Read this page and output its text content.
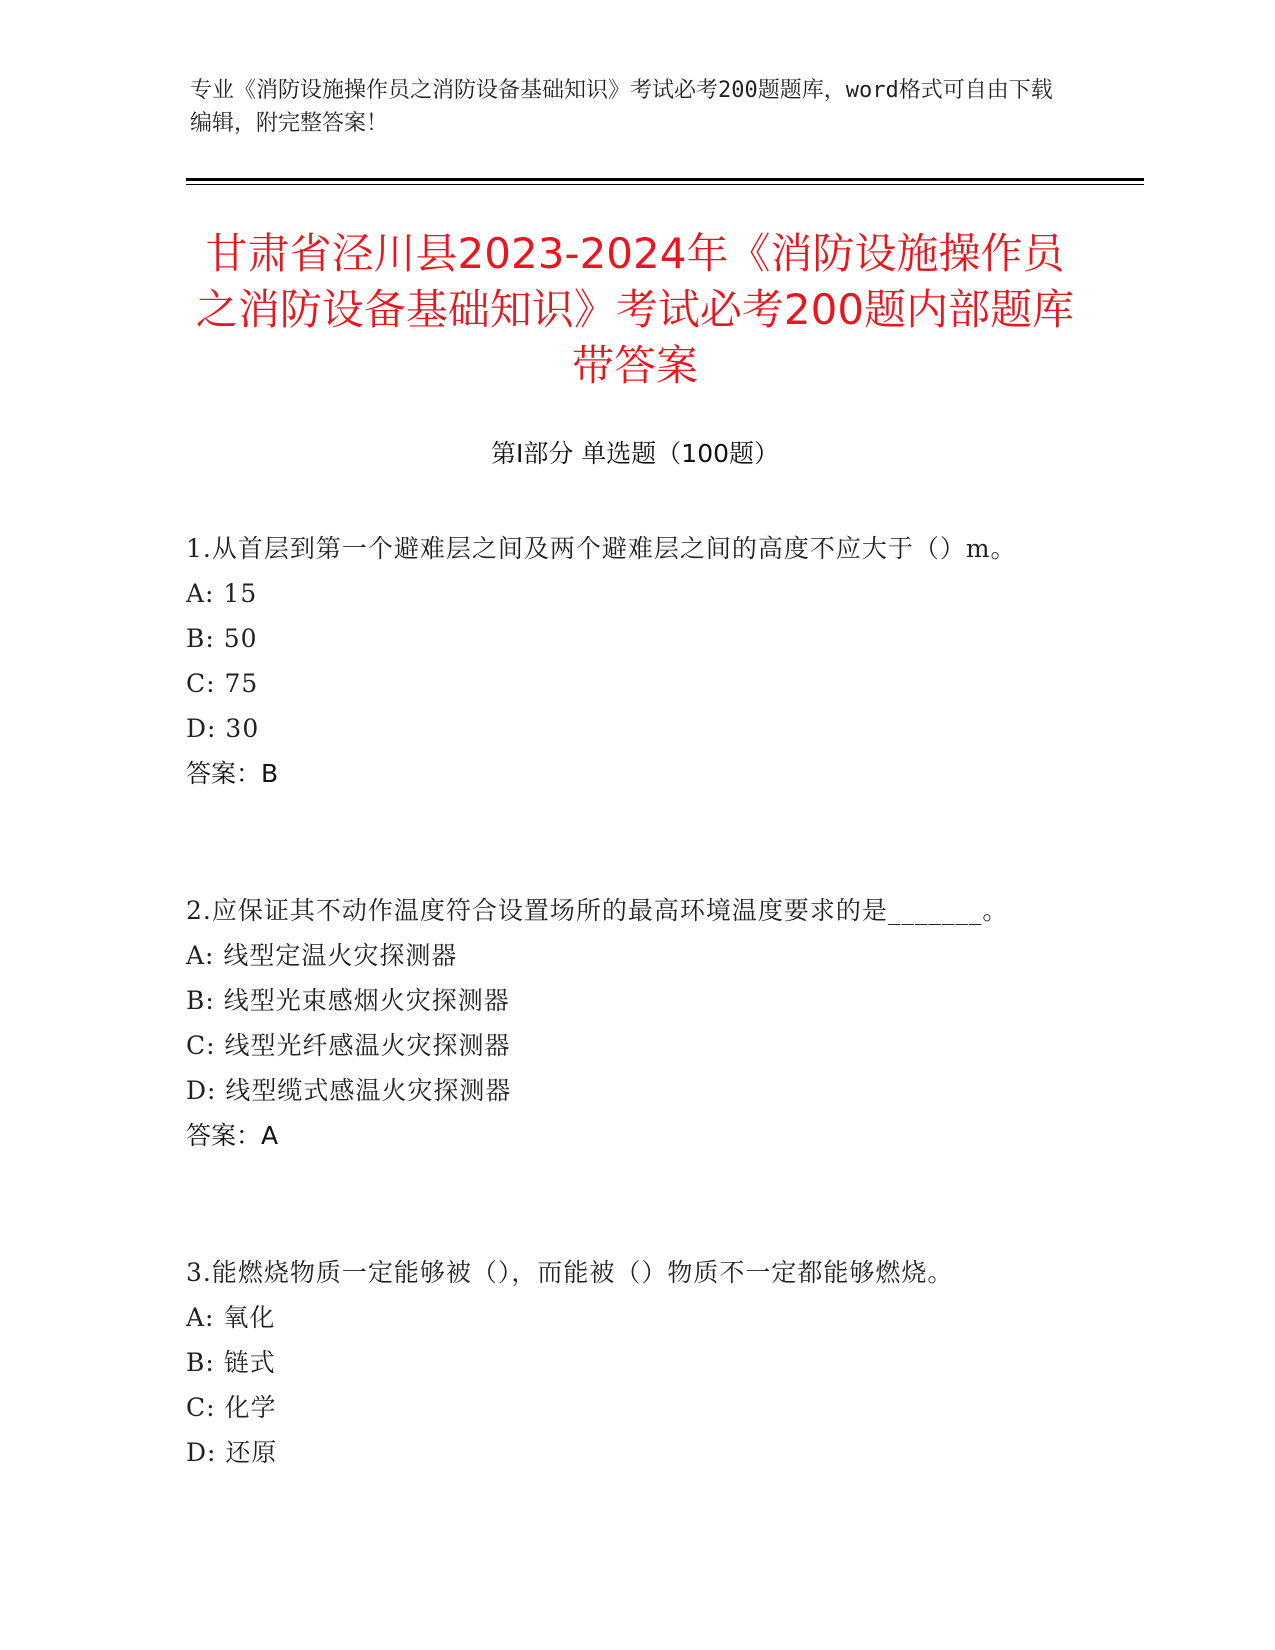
专业《消防设施操作员之消防设备基础知识》考试必考200题题库，word格式可自由下载编辑，附完整答案！
甘肃省泾川县2023-2024年《消防设施操作员之消防设备基础知识》考试必考200题内部题库带答案
第I部分 单选题（100题）
1.从首层到第一个避难层之间及两个避难层之间的高度不应大于（）m。
A: 15
B: 50
C: 75
D: 30
答案：B
2.应保证其不动作温度符合设置场所的最高环境温度要求的是_______。
A: 线型定温火灾探测器
B: 线型光束感烟火灾探测器
C: 线型光纤感温火灾探测器
D: 线型缆式感温火灾探测器
答案：A
3.能燃烧物质一定能够被（），而能被（）物质不一定都能够燃烧。
A: 氧化
B: 链式
C: 化学
D: 还原
